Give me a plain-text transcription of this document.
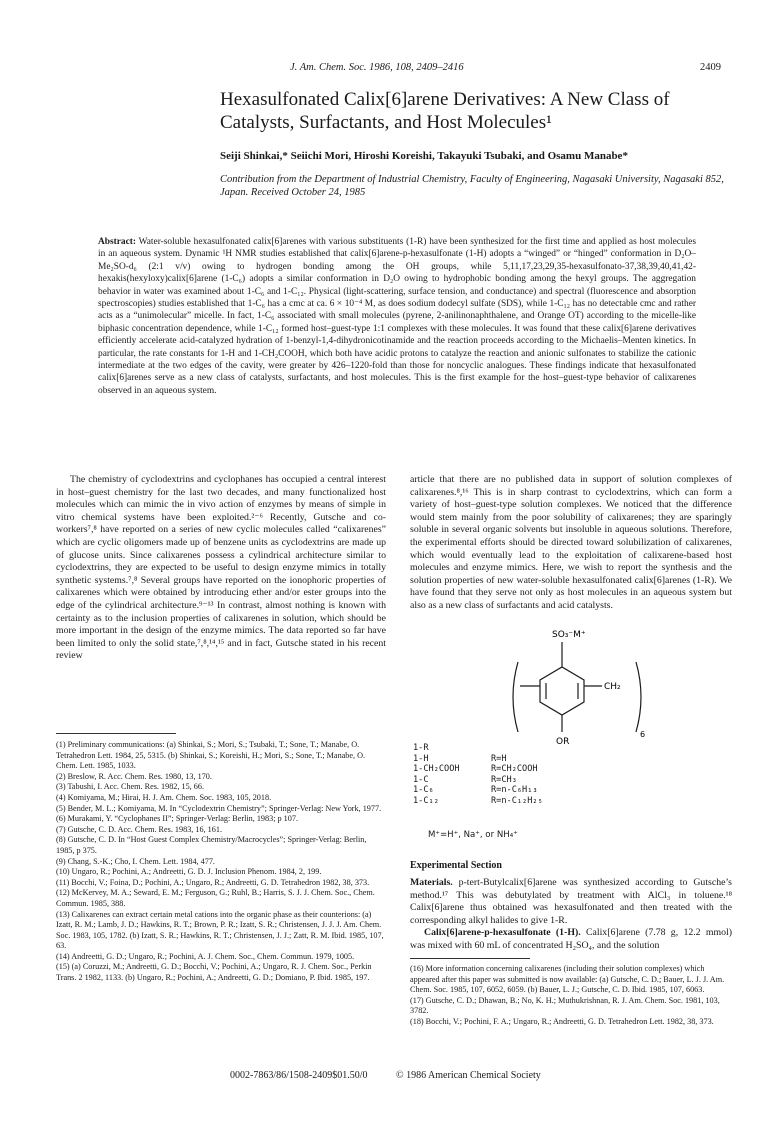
J. Am. Chem. Soc. 1986, 108, 2409–2416	2409
Hexasulfonated Calix[6]arene Derivatives: A New Class of
Catalysts, Surfactants, and Host Molecules¹
Seiji Shinkai,* Seiichi Mori, Hiroshi Koreishi, Takayuki Tsubaki, and Osamu Manabe*
Contribution from the Department of Industrial Chemistry, Faculty of Engineering, Nagasaki University, Nagasaki 852, Japan. Received October 24, 1985
Abstract: Water-soluble hexasulfonated calix[6]arenes with various substituents (1-R) have been synthesized for the first time and applied as host molecules in an aqueous system. Dynamic ¹H NMR studies established that calix[6]arene-p-hexasulfonate (1-H) adopts a “winged” or “hinged” conformation in D₂O–Me₂SO-d₆ (2:1 v/v) owing to hydrogen bonding among the OH groups, while 5,11,17,23,29,35-hexasulfonato-37,38,39,40,41,42-hexakis(hexyloxy)calix[6]arene (1-C₆) adopts a similar conformation in D₂O owing to hydrophobic bonding among the hexyl groups. The aggregation behavior in water was examined about 1-C₆ and 1-C₁₂. Physical (light-scattering, surface tension, and conductance) and spectral (fluorescence and absorption spectroscopies) studies established that 1-C₆ has a cmc at ca. 6 × 10⁻⁴ M, as does sodium dodecyl sulfate (SDS), while 1-C₁₂ has no detectable cmc and rather acts as a “unimolecular” micelle. In fact, 1-C₆ associated with small molecules (pyrene, 2-anilinonaphthalene, and Orange OT) according to the micelle-like biphasic concentration dependence, while 1-C₁₂ formed host–guest-type 1:1 complexes with these molecules. It was found that these calix[6]arene derivatives efficiently accelerate acid-catalyzed hydration of 1-benzyl-1,4-dihydronicotinamide and the reaction proceeds according to the Michaelis–Menten kinetics. In particular, the rate constants for 1-H and 1-CH₂COOH, which both have acidic protons to catalyze the reaction and anionic sulfonates to stabilize the cationic intermediate at the two edges of the cavity, were greater by 426–1220-fold than those for noncyclic analogues. These findings indicate that hexasulfonated calix[6]arenes serve as a new class of catalysts, surfactants, and host molecules. This is the first example for the host–guest-type behavior of calixarenes observed in an aqueous system.

The chemistry of cyclodextrins and cyclophanes has occupied a central interest in host–guest chemistry for the last two decades, and many functionalized host molecules which can mimic the in vivo action of enzymes by means of simple in vitro chemical systems have been exploited.²⁻⁶ Recently, Gutsche and co-workers⁷,⁸ have reported on a series of new cyclic molecules called “calixarenes” which are cyclic oligomers made up of benzene units as cyclodextrins are made up of glucose units. Since calixarenes possess a cylindrical architecture similar to cyclodextrins, they are expected to be useful to design enzyme mimics in totally synthetic systems.⁷,⁸ Several groups have reported on the ionophoric properties of calixarenes which were obtained by introducing ether and/or ester groups into the edge of the cylindrical architecture.⁹⁻¹³ In contrast, almost nothing is known with certainty as to the inclusion properties of calixarenes in solution, which should be more important in the design of the enzyme mimics. The data reported so far have been limited to only the solid state,⁷,⁸,¹⁴,¹⁵ and in fact, Gutsche stated in his recent review

article that there are no published data in support of solution complexes of calixarenes.⁸,¹⁶ This is in sharp contrast to cyclodextrins, which can form a variety of host–guest-type solution complexes. We noticed that the difference would stem mainly from the poor solubility of calixarenes; they are sparingly soluble in several organic solvents but insoluble in aqueous solutions. Therefore, the experimental efforts should be directed toward solubilization of calixarenes, which would eventually lead to the exploitation of calixarene-based host molecules and enzyme mimics. Here, we wish to report the synthesis and the solution properties of new water-soluble hexasulfonated calix[6]arenes (1-R). We have found that they serve not only as host molecules in an aqueous system but also as a new class of surfactants and acid catalysts.

(1) Preliminary communications: (a) Shinkai, S.; Mori, S.; Tsubaki, T.; Sone, T.; Manabe, O. Tetrahedron Lett. 1984, 25, 5315. (b) Shinkai, S.; Koreishi, H.; Mori, S.; Sone, T.; Manabe, O. Chem. Lett. 1985, 1033.

(2) Breslow, R. Acc. Chem. Res. 1980, 13, 170.

(3) Tabushi, I. Acc. Chem. Res. 1982, 15, 66.

(4) Komiyama, M.; Hirai, H. J. Am. Chem. Soc. 1983, 105, 2018.

(5) Bender, M. L.; Komiyama, M. In “Cyclodextrin Chemistry”; Springer-Verlag: New York, 1977.

(6) Murakami, Y. “Cyclophanes II”; Springer-Verlag: Berlin, 1983; p 107.

(7) Gutsche, C. D. Acc. Chem. Res. 1983, 16, 161.

(8) Gutsche, C. D. In “Host Guest Complex Chemistry/Macrocycles”; Springer-Verlag: Berlin, 1985, p 375.

(9) Chang, S.-K.; Cho, I. Chem. Lett. 1984, 477.

(10) Ungaro, R.; Pochini, A.; Andreetti, G. D. J. Inclusion Phenom. 1984, 2, 199.

(11) Bocchi, V.; Foina, D.; Pochini, A.; Ungaro, R.; Andreetti, G. D. Tetrahedron 1982, 38, 373.

(12) McKervey, M. A.; Seward, E. M.; Ferguson, G.; Ruhl, B.; Harris, S. J. J. Chem. Soc., Chem. Commun. 1985, 388.

(13) Calixarenes can extract certain metal cations into the organic phase as their counterions: (a) Izatt, R. M.; Lamb, J. D.; Hawkins, R. T.; Brown, P. R.; Izatt, S. R.; Christensen, J. J. J. Am. Chem. Soc. 1983, 105, 1782. (b) Izatt, S. R.; Hawkins, R. T.; Christensen, J. J.; Zatt, R. M. Ibid. 1985, 107, 63.

(14) Andreetti, G. D.; Ungaro, R.; Pochini, A. J. Chem. Soc., Chem. Commun. 1979, 1005.

(15) (a) Coruzzi, M.; Andreetti, G. D.; Bocchi, V.; Pochini, A.; Ungaro, R. J. Chem. Soc., Perkin Trans. 2 1982, 1133. (b) Ungaro, R.; Pochini, A.; Andreetti, G. D.; Domiano, P. Ibid. 1985, 197.

SO₃⁻M⁺
CH₂
OR
6
1-R
1-H	R=H
1-CH₂COOH	R=CH₂COOH
1-C	R=CH₃
1-C₆	R=n-C₆H₁₃
1-C₁₂	R=n-C₁₂H₂₅
M⁺=H⁺, Na⁺, or NH₄⁺
Experimental Section
Materials. p-tert-Butylcalix[6]arene was synthesized according to Gutsche’s method.¹⁷ This was debutylated by treatment with AlCl₃ in toluene.¹⁸ Calix[6]arene thus obtained was hexasulfonated and then treated with the corresponding alkyl halides to give 1-R.
Calix[6]arene-p-hexasulfonate (1-H). Calix[6]arene (7.78 g, 12.2 mmol) was mixed with 60 mL of concentrated H₂SO₄, and the solution

(16) More information concerning calixarenes (including their solution complexes) which appeared after this paper was submitted is now available: (a) Gutsche, C. D.; Bauer, L. J. J. Am. Chem. Soc. 1985, 107, 6052, 6059. (b) Bauer, L. J.; Gutsche, C. D. Ibid. 1985, 107, 6063.

(17) Gutsche, C. D.; Dhawan, B.; No, K. H.; Muthukrishnan, R. J. Am. Chem. Soc. 1981, 103, 3782.

(18) Bocchi, V.; Pochini, F. A.; Ungaro, R.; Andreetti, G. D. Tetrahedron Lett. 1982, 38, 373.

0002-7863/86/1508-2409$01.50/0	© 1986 American Chemical Society
